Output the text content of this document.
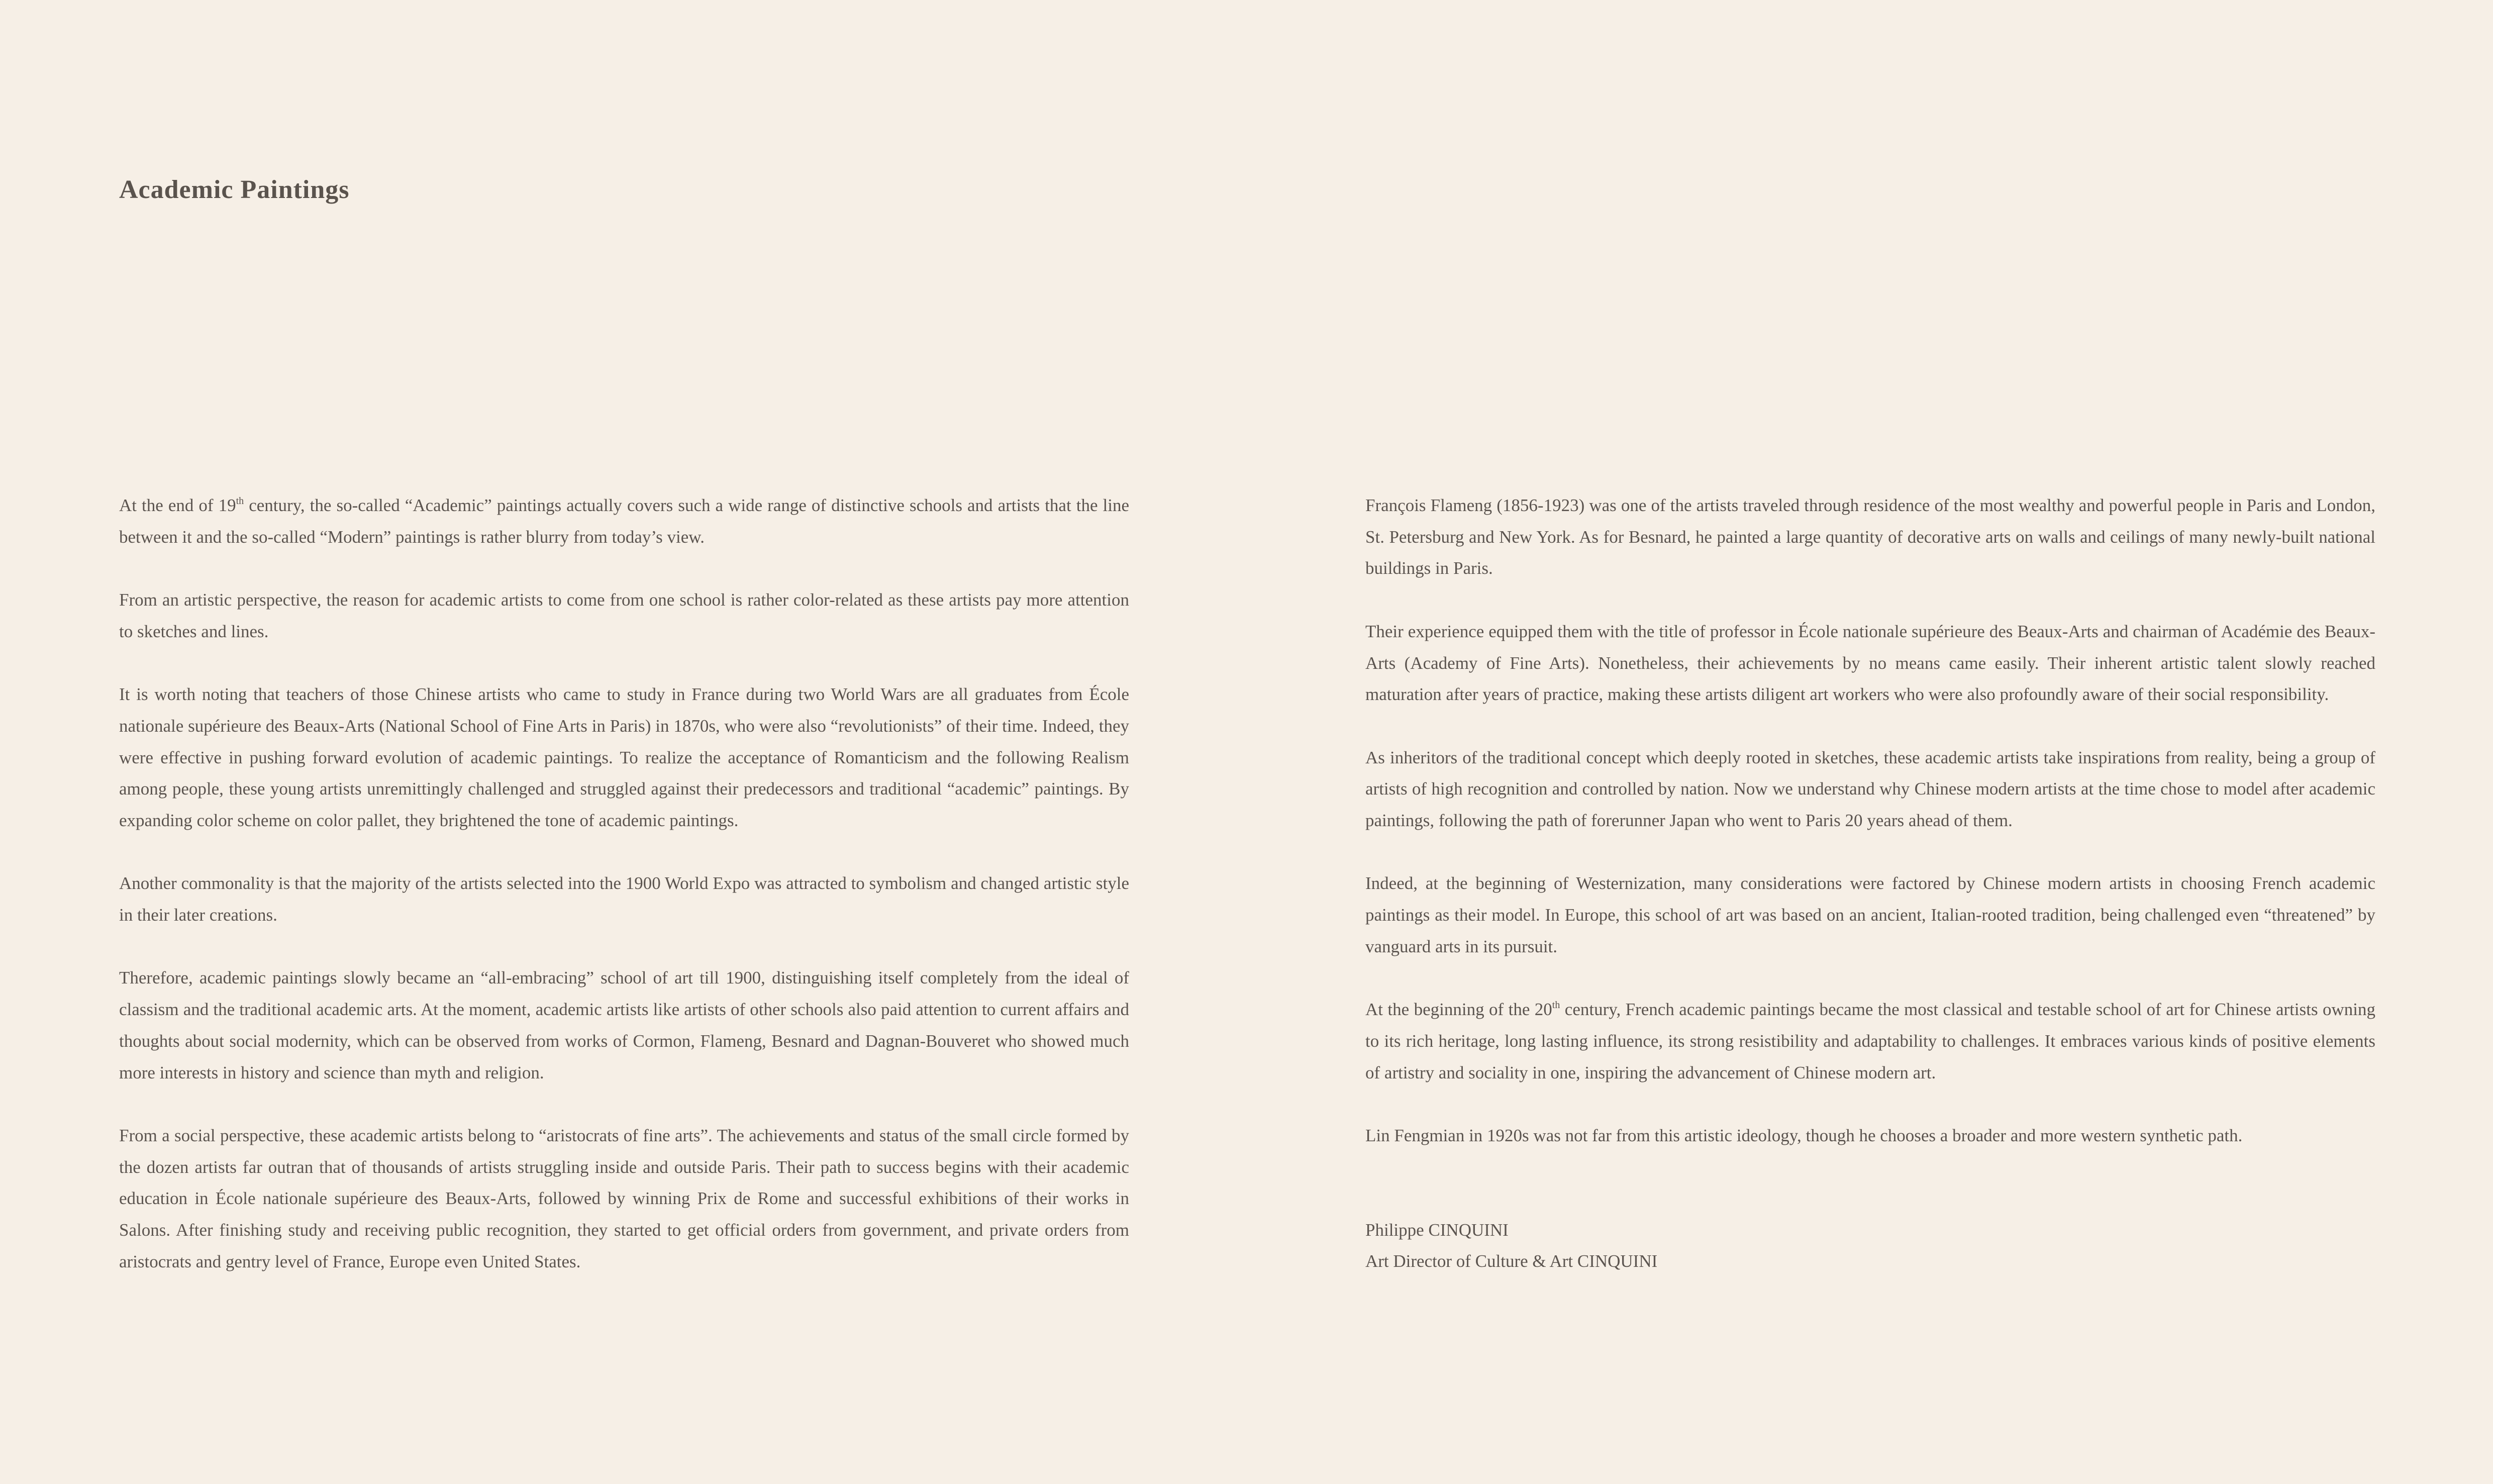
Academic Paintings

At the end of 19th century, the so-called “Academic” paintings actually covers such a wide range of distinctive schools and artists that the line between it and the so-called “Modern” paintings is rather blurry from today’s view.

From an artistic perspective, the reason for academic artists to come from one school is rather color-related as these artists pay more attention to sketches and lines.

It is worth noting that teachers of those Chinese artists who came to study in France during two World Wars are all graduates from École nationale supérieure des Beaux-Arts (National School of Fine Arts in Paris) in 1870s, who were also “revolutionists” of their time. Indeed, they were effective in pushing forward evolution of academic paintings. To realize the acceptance of Romanticism and the following Realism among people, these young artists unremittingly challenged and struggled against their predecessors and traditional “academic” paintings. By expanding color scheme on color pallet, they brightened the tone of academic paintings.

Another commonality is that the majority of the artists selected into the 1900 World Expo was attracted to symbolism and changed artistic style in their later creations.

Therefore, academic paintings slowly became an “all-embracing” school of art till 1900, distinguishing itself completely from the ideal of classism and the traditional academic arts. At the moment, academic artists like artists of other schools also paid attention to current affairs and thoughts about social modernity, which can be observed from works of Cormon, Flameng, Besnard and Dagnan-Bouveret who showed much more interests in history and science than myth and religion.

From a social perspective, these academic artists belong to “aristocrats of fine arts”. The achievements and status of the small circle formed by the dozen artists far outran that of thousands of artists struggling inside and outside Paris. Their path to success begins with their academic education in École nationale supérieure des Beaux-Arts, followed by winning Prix de Rome and successful exhibitions of their works in Salons. After finishing study and receiving public recognition, they started to get official orders from government, and private orders from aristocrats and gentry level of France, Europe even United States.

François Flameng (1856-1923) was one of the artists traveled through residence of the most wealthy and powerful people in Paris and London, St. Petersburg and New York. As for Besnard, he painted a large quantity of decorative arts on walls and ceilings of many newly-built national buildings in Paris.

Their experience equipped them with the title of professor in École nationale supérieure des Beaux-Arts and chairman of Académie des Beaux-Arts (Academy of Fine Arts). Nonetheless, their achievements by no means came easily. Their inherent artistic talent slowly reached maturation after years of practice, making these artists diligent art workers who were also profoundly aware of their social responsibility.

As inheritors of the traditional concept which deeply rooted in sketches, these academic artists take inspirations from reality, being a group of artists of high recognition and controlled by nation. Now we understand why Chinese modern artists at the time chose to model after academic paintings, following the path of forerunner Japan who went to Paris 20 years ahead of them.

Indeed, at the beginning of Westernization, many considerations were factored by Chinese modern artists in choosing French academic paintings as their model. In Europe, this school of art was based on an ancient, Italian-rooted tradition, being challenged even “threatened” by vanguard arts in its pursuit.

At the beginning of the 20th century, French academic paintings became the most classical and testable school of art for Chinese artists owning to its rich heritage, long lasting influence, its strong resistibility and adaptability to challenges. It embraces various kinds of positive elements of artistry and sociality in one, inspiring the advancement of Chinese modern art.

Lin Fengmian in 1920s was not far from this artistic ideology, though he chooses a broader and more western synthetic path.

Philippe CINQUINI
Art Director of Culture & Art CINQUINI
